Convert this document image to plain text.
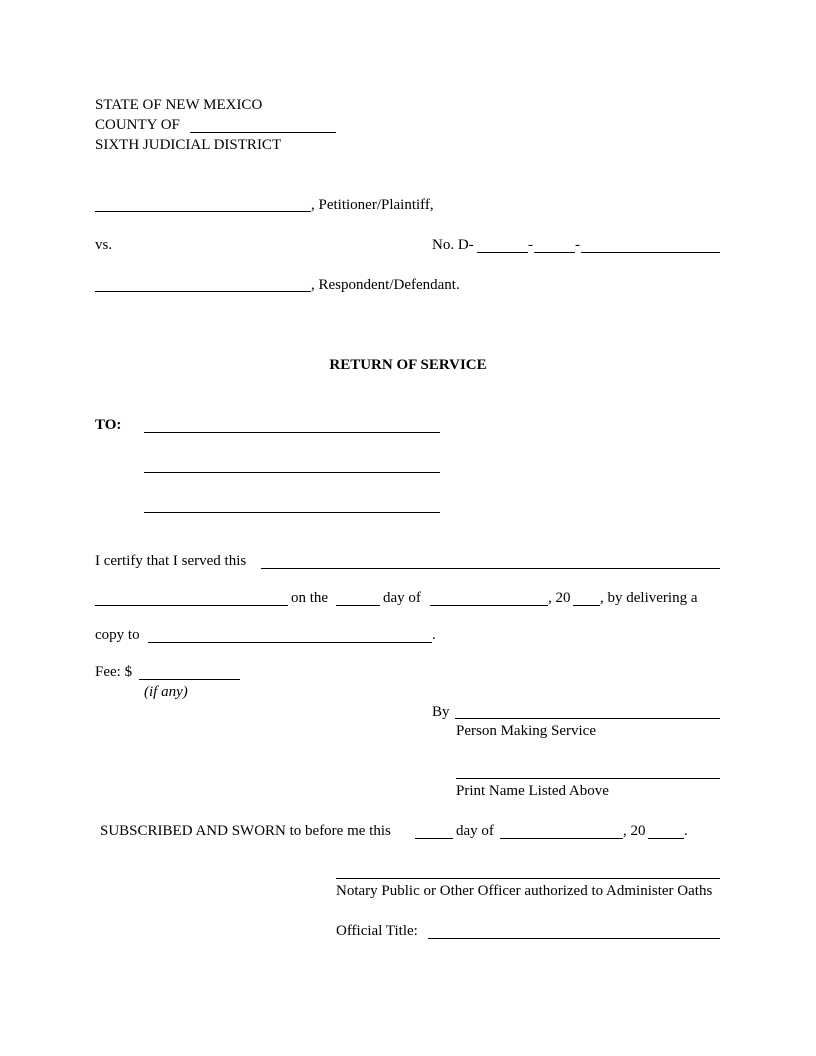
STATE OF NEW MEXICO
COUNTY OF
SIXTH JUDICIAL DISTRICT
, Petitioner/Plaintiff,
vs.	No. D-	-	-
, Respondent/Defendant.
RETURN OF SERVICE
TO:
I certify that I served this
on the	day of	, 20 , by delivering a
copy to	.
Fee: $
(if any)
By
Person Making Service
Print Name Listed Above
SUBSCRIBED AND SWORN to before me this	day of	, 20	.
Notary Public or Other Officer authorized to Administer Oaths
Official Title:
